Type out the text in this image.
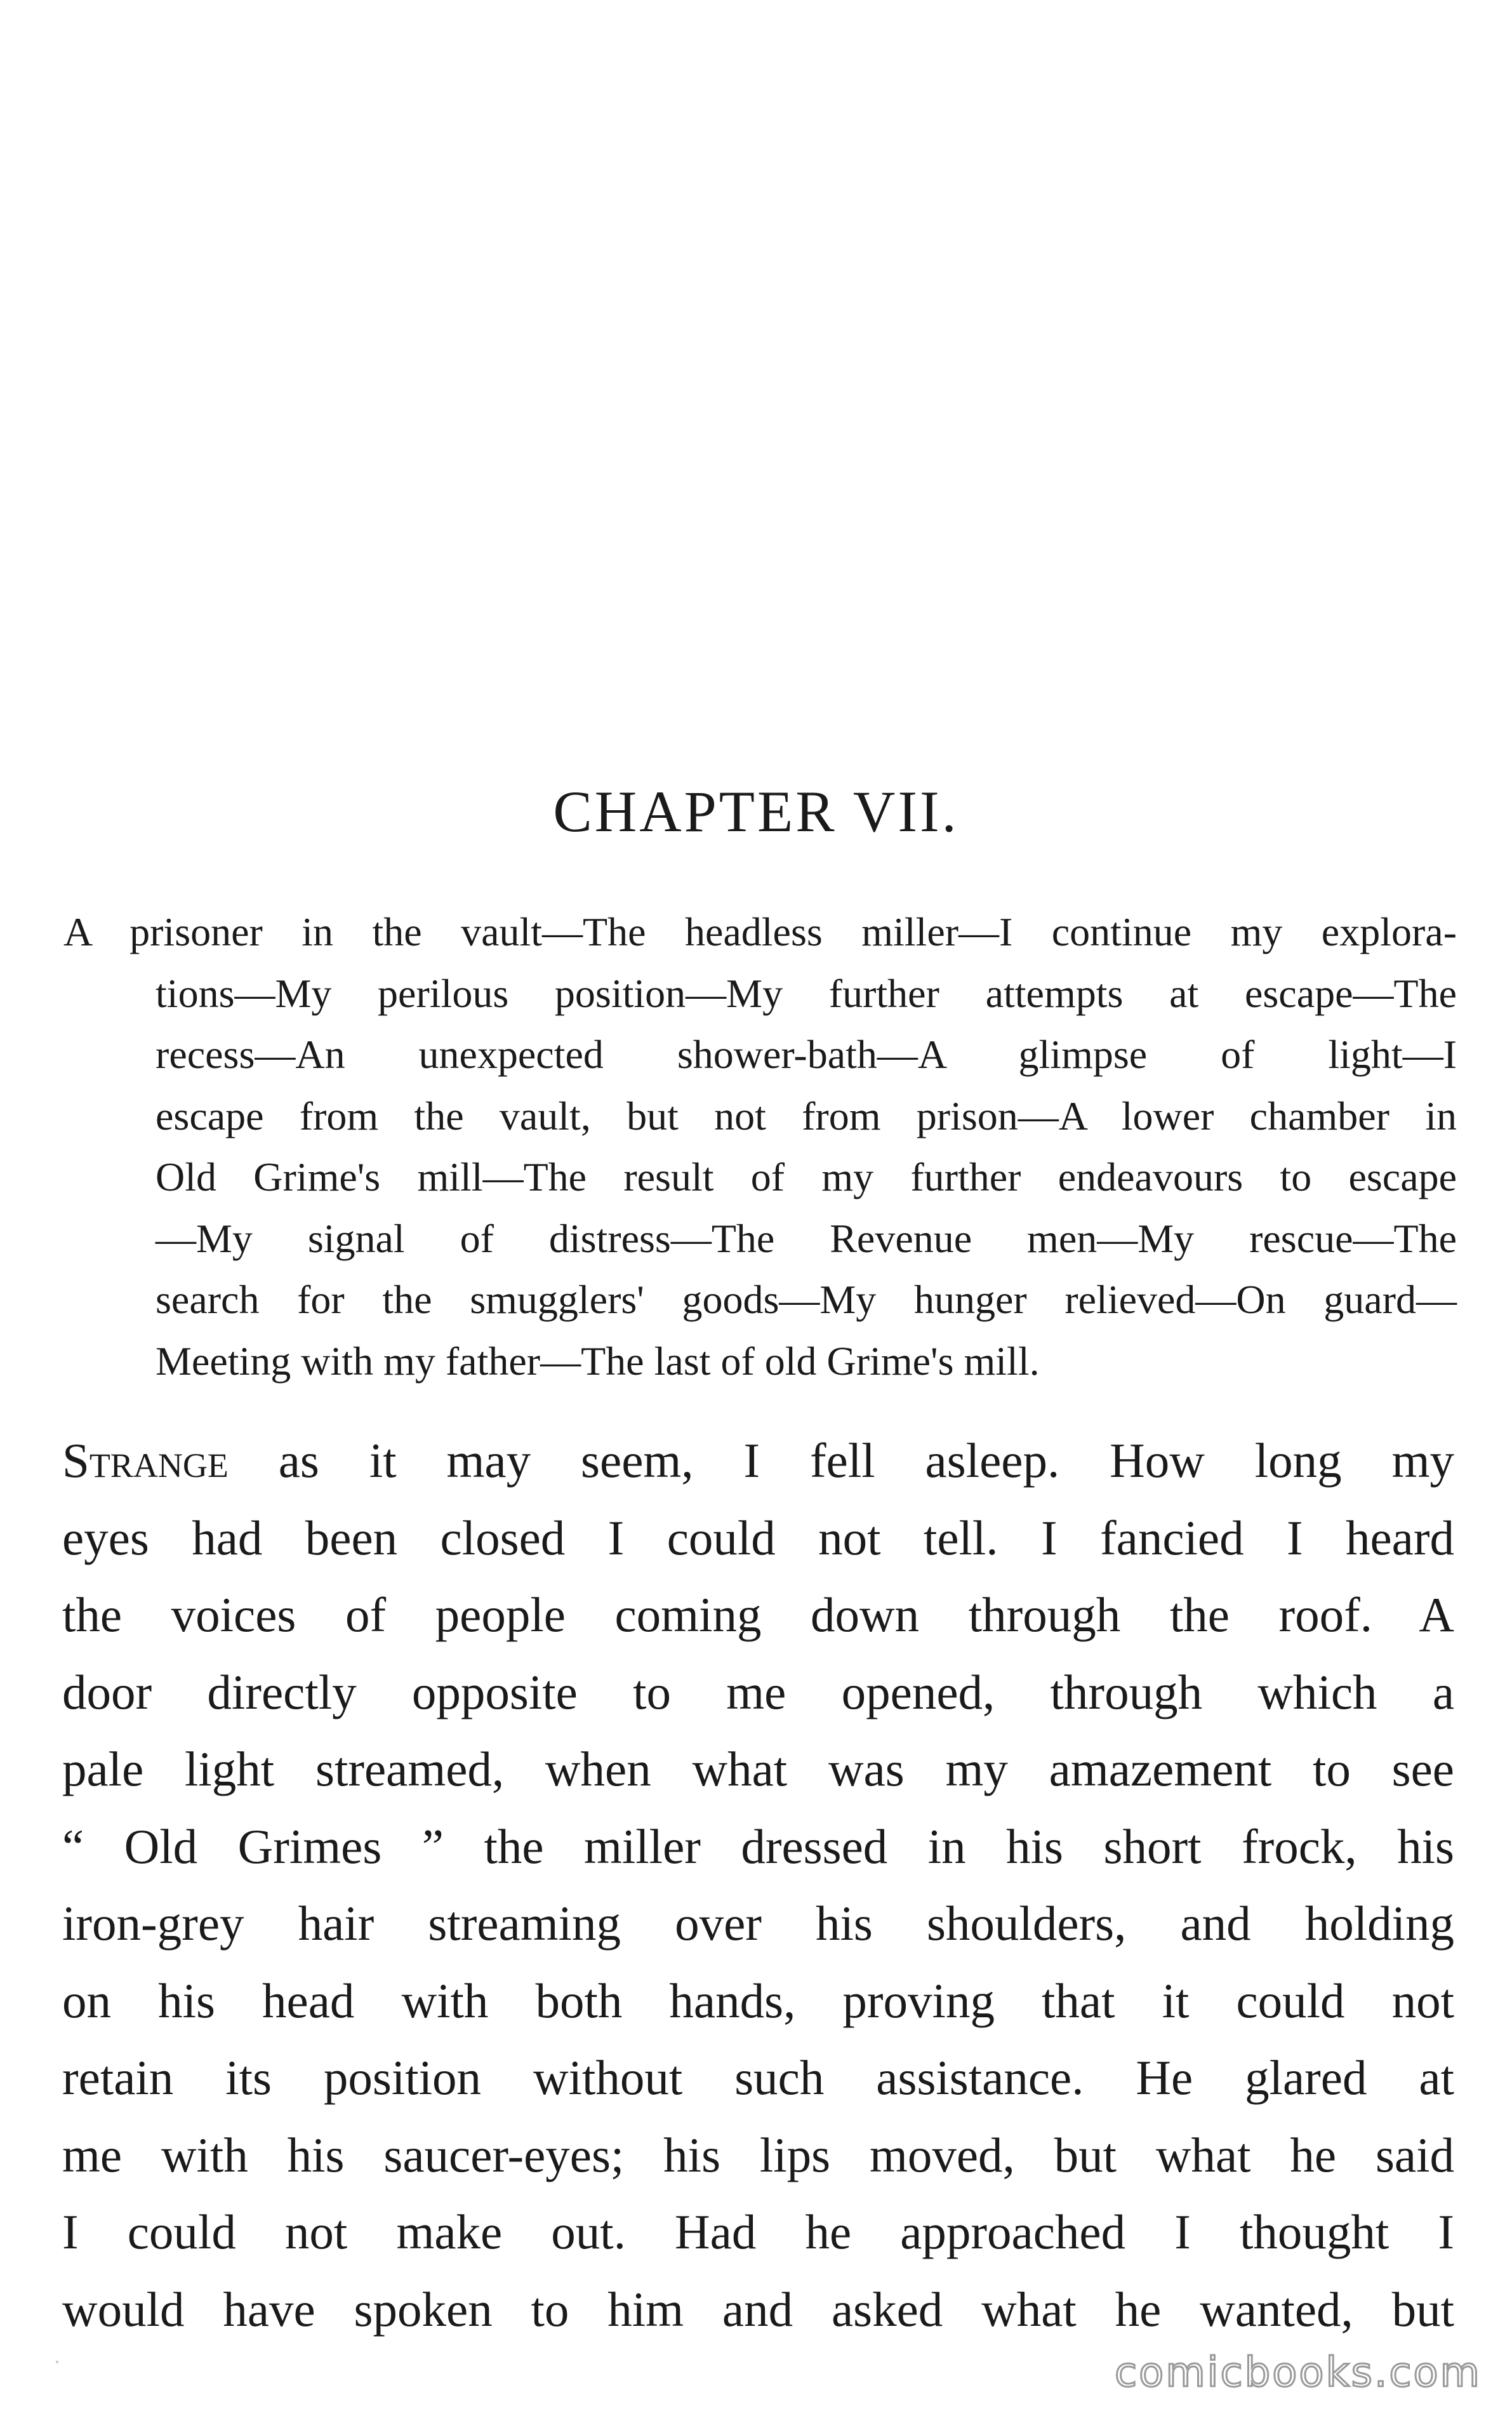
CHAPTER VII.
A prisoner in the vault—The headless miller—I continue my explora-
tions—My perilous position—My further attempts at escape—The
recess—An unexpected shower-bath—A glimpse of light—I
escape from the vault, but not from prison—A lower chamber in
Old Grime's mill—The result of my further endeavours to escape
—My signal of distress—The Revenue men—My rescue—The
search for the smugglers' goods—My hunger relieved—On guard—
Meeting with my father—The last of old Grime's mill.
Strange as it may seem, I fell asleep. How long my
eyes had been closed I could not tell. I fancied I heard
the voices of people coming down through the roof. A
door directly opposite to me opened, through which a
pale light streamed, when what was my amazement to see
“ Old Grimes ” the miller dressed in his short frock, his
iron-grey hair streaming over his shoulders, and holding
on his head with both hands, proving that it could not
retain its position without such assistance. He glared at
me with his saucer-eyes; his lips moved, but what he said
I could not make out. Had he approached I thought I
would have spoken to him and asked what he wanted, but
comicbooks.com
